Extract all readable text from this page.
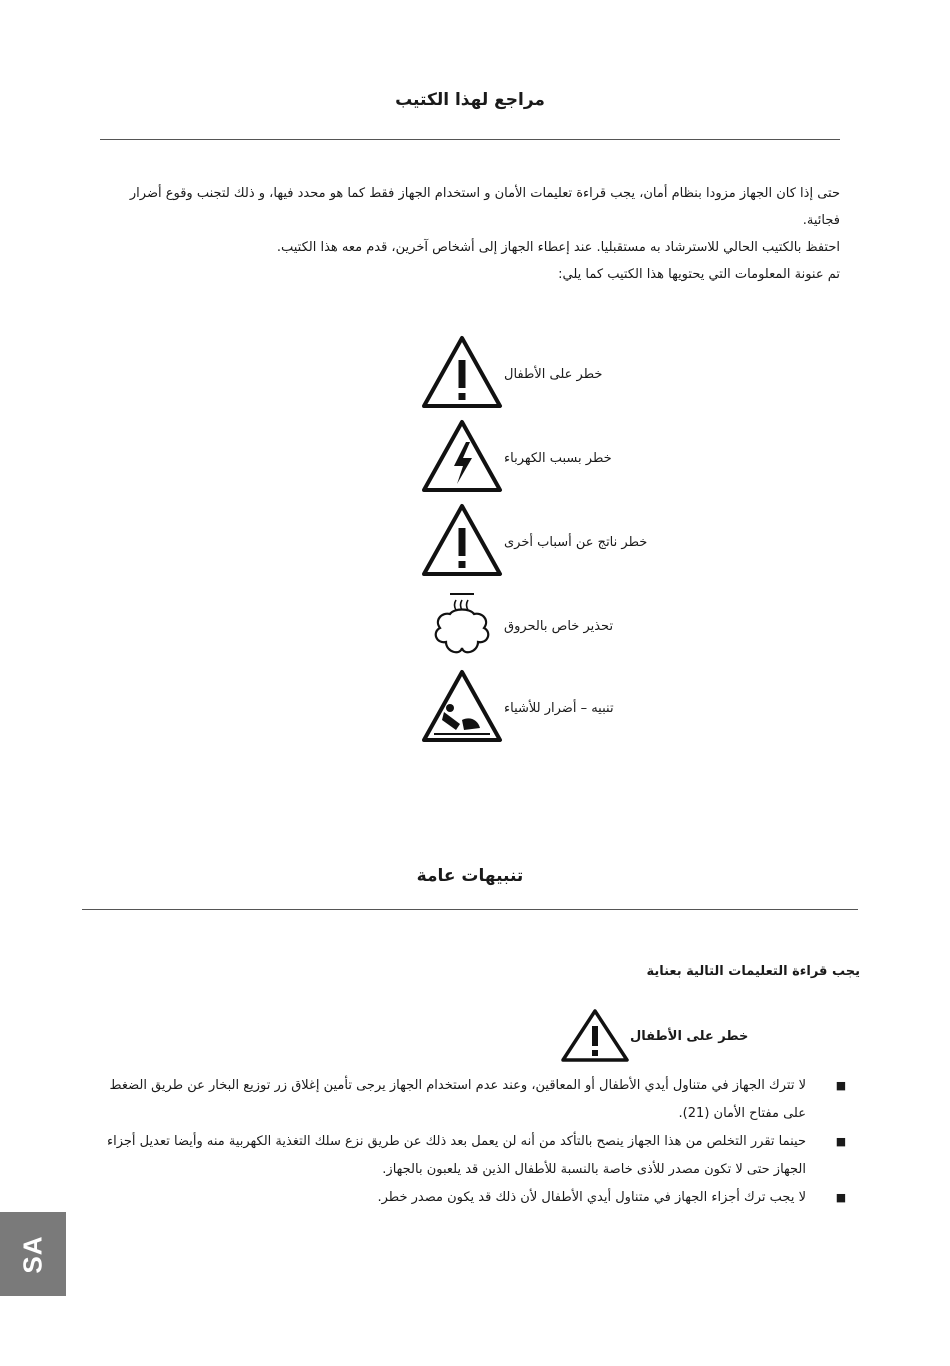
مراجع لهذا الكتيب

حتى إذا كان الجهاز مزودا بنظام أمان، يجب قراءة تعليمات الأمان و استخدام الجهاز فقط كما هو محدد فيها، و ذلك لتجنب وقوع أضرار فجائية.

احتفظ بالكتيب الحالي للاسترشاد به مستقبليا. عند إعطاء الجهاز إلى أشخاص آخرين، قدم معه هذا الكتيب.

تم عنونة المعلومات التي يحتويها هذا الكتيب كما يلي:

خطر على الأطفال
خطر بسبب الكهرباء
خطر ناتج عن أسباب أخرى
تحذير خاص بالحروق
تنبيه – أضرار للأشياء
تنبيهات عامة
يجب قراءة التعليمات التالية بعناية
خطر على الأطفال
■
لا تترك الجهاز في متناول أيدي الأطفال أو المعاقين، وعند عدم استخدام الجهاز يرجى تأمين إغلاق زر توزيع البخار عن طريق الضغط على مفتاح الأمان (21).
■
حينما تقرر التخلص من هذا الجهاز ينصح بالتأكد من أنه لن يعمل بعد ذلك عن طريق نزع سلك التغذية الكهربية منه وأيضا تعديل أجزاء الجهاز حتى لا تكون مصدر للأذى خاصة بالنسبة للأطفال الذين قد يلعبون بالجهاز.
■
لا يجب ترك أجزاء الجهاز في متناول أيدي الأطفال لأن ذلك قد يكون مصدر خطر.
SA
